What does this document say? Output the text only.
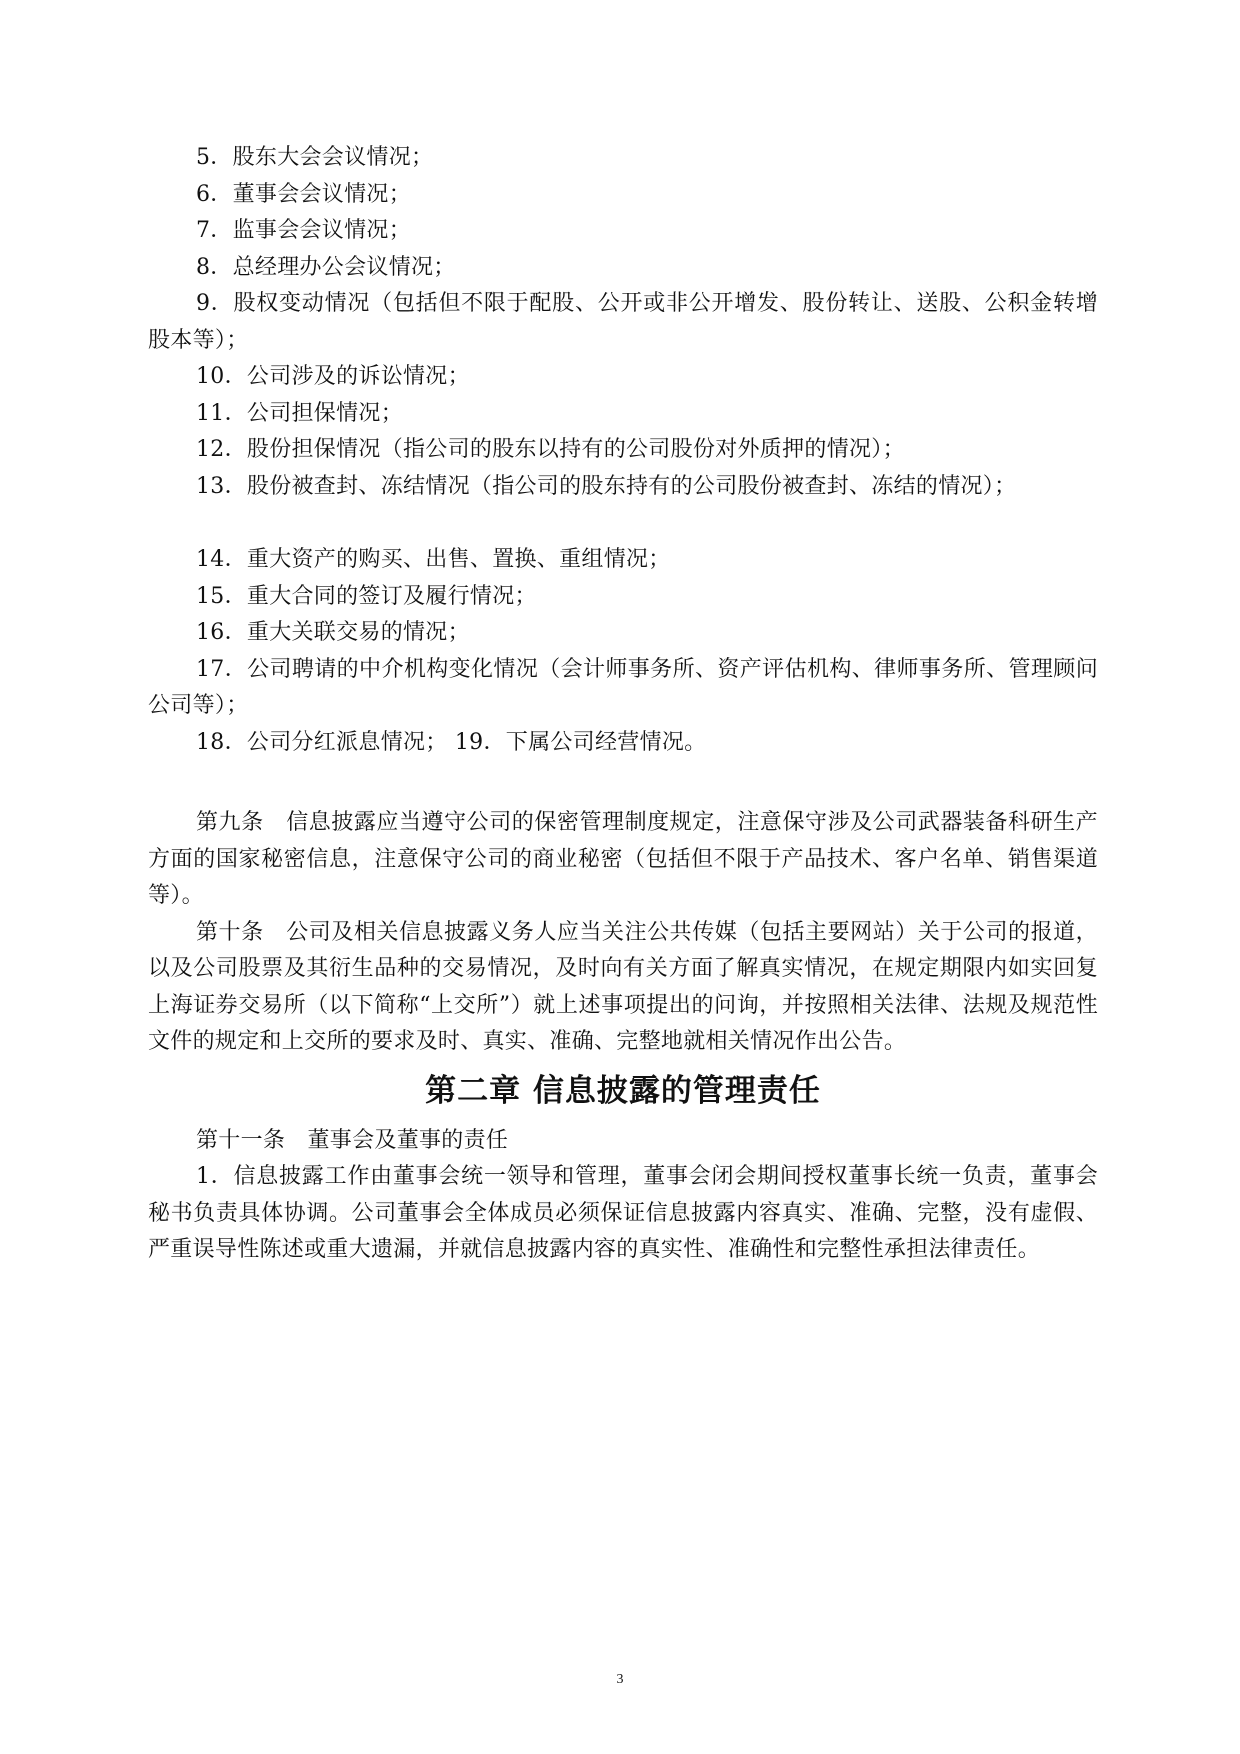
5．股东大会会议情况；

6．董事会会议情况；

7．监事会会议情况；

8．总经理办公会议情况；

9．股权变动情况（包括但不限于配股、公开或非公开增发、股份转让、送股、公积金转增股本等）；

10．公司涉及的诉讼情况；

11．公司担保情况；

12．股份担保情况（指公司的股东以持有的公司股份对外质押的情况）；

13．股份被查封、冻结情况（指公司的股东持有的公司股份被查封、冻结的情况）；

14．重大资产的购买、出售、置换、重组情况；

15．重大合同的签订及履行情况；

16．重大关联交易的情况；

17．公司聘请的中介机构变化情况（会计师事务所、资产评估机构、律师事务所、管理顾问公司等）；

18．公司分红派息情况； 19．下属公司经营情况。

第九条　信息披露应当遵守公司的保密管理制度规定，注意保守涉及公司武器装备科研生产方面的国家秘密信息，注意保守公司的商业秘密（包括但不限于产品技术、客户名单、销售渠道等）。

第十条　公司及相关信息披露义务人应当关注公共传媒（包括主要网站）关于公司的报道，以及公司股票及其衍生品种的交易情况，及时向有关方面了解真实情况，在规定期限内如实回复上海证券交易所（以下简称“上交所”）就上述事项提出的问询，并按照相关法律、法规及规范性文件的规定和上交所的要求及时、真实、准确、完整地就相关情况作出公告。

第二章 信息披露的管理责任

第十一条　董事会及董事的责任

1．信息披露工作由董事会统一领导和管理，董事会闭会期间授权董事长统一负责，董事会秘书负责具体协调。公司董事会全体成员必须保证信息披露内容真实、准确、完整，没有虚假、严重误导性陈述或重大遗漏，并就信息披露内容的真实性、准确性和完整性承担法律责任。

3
